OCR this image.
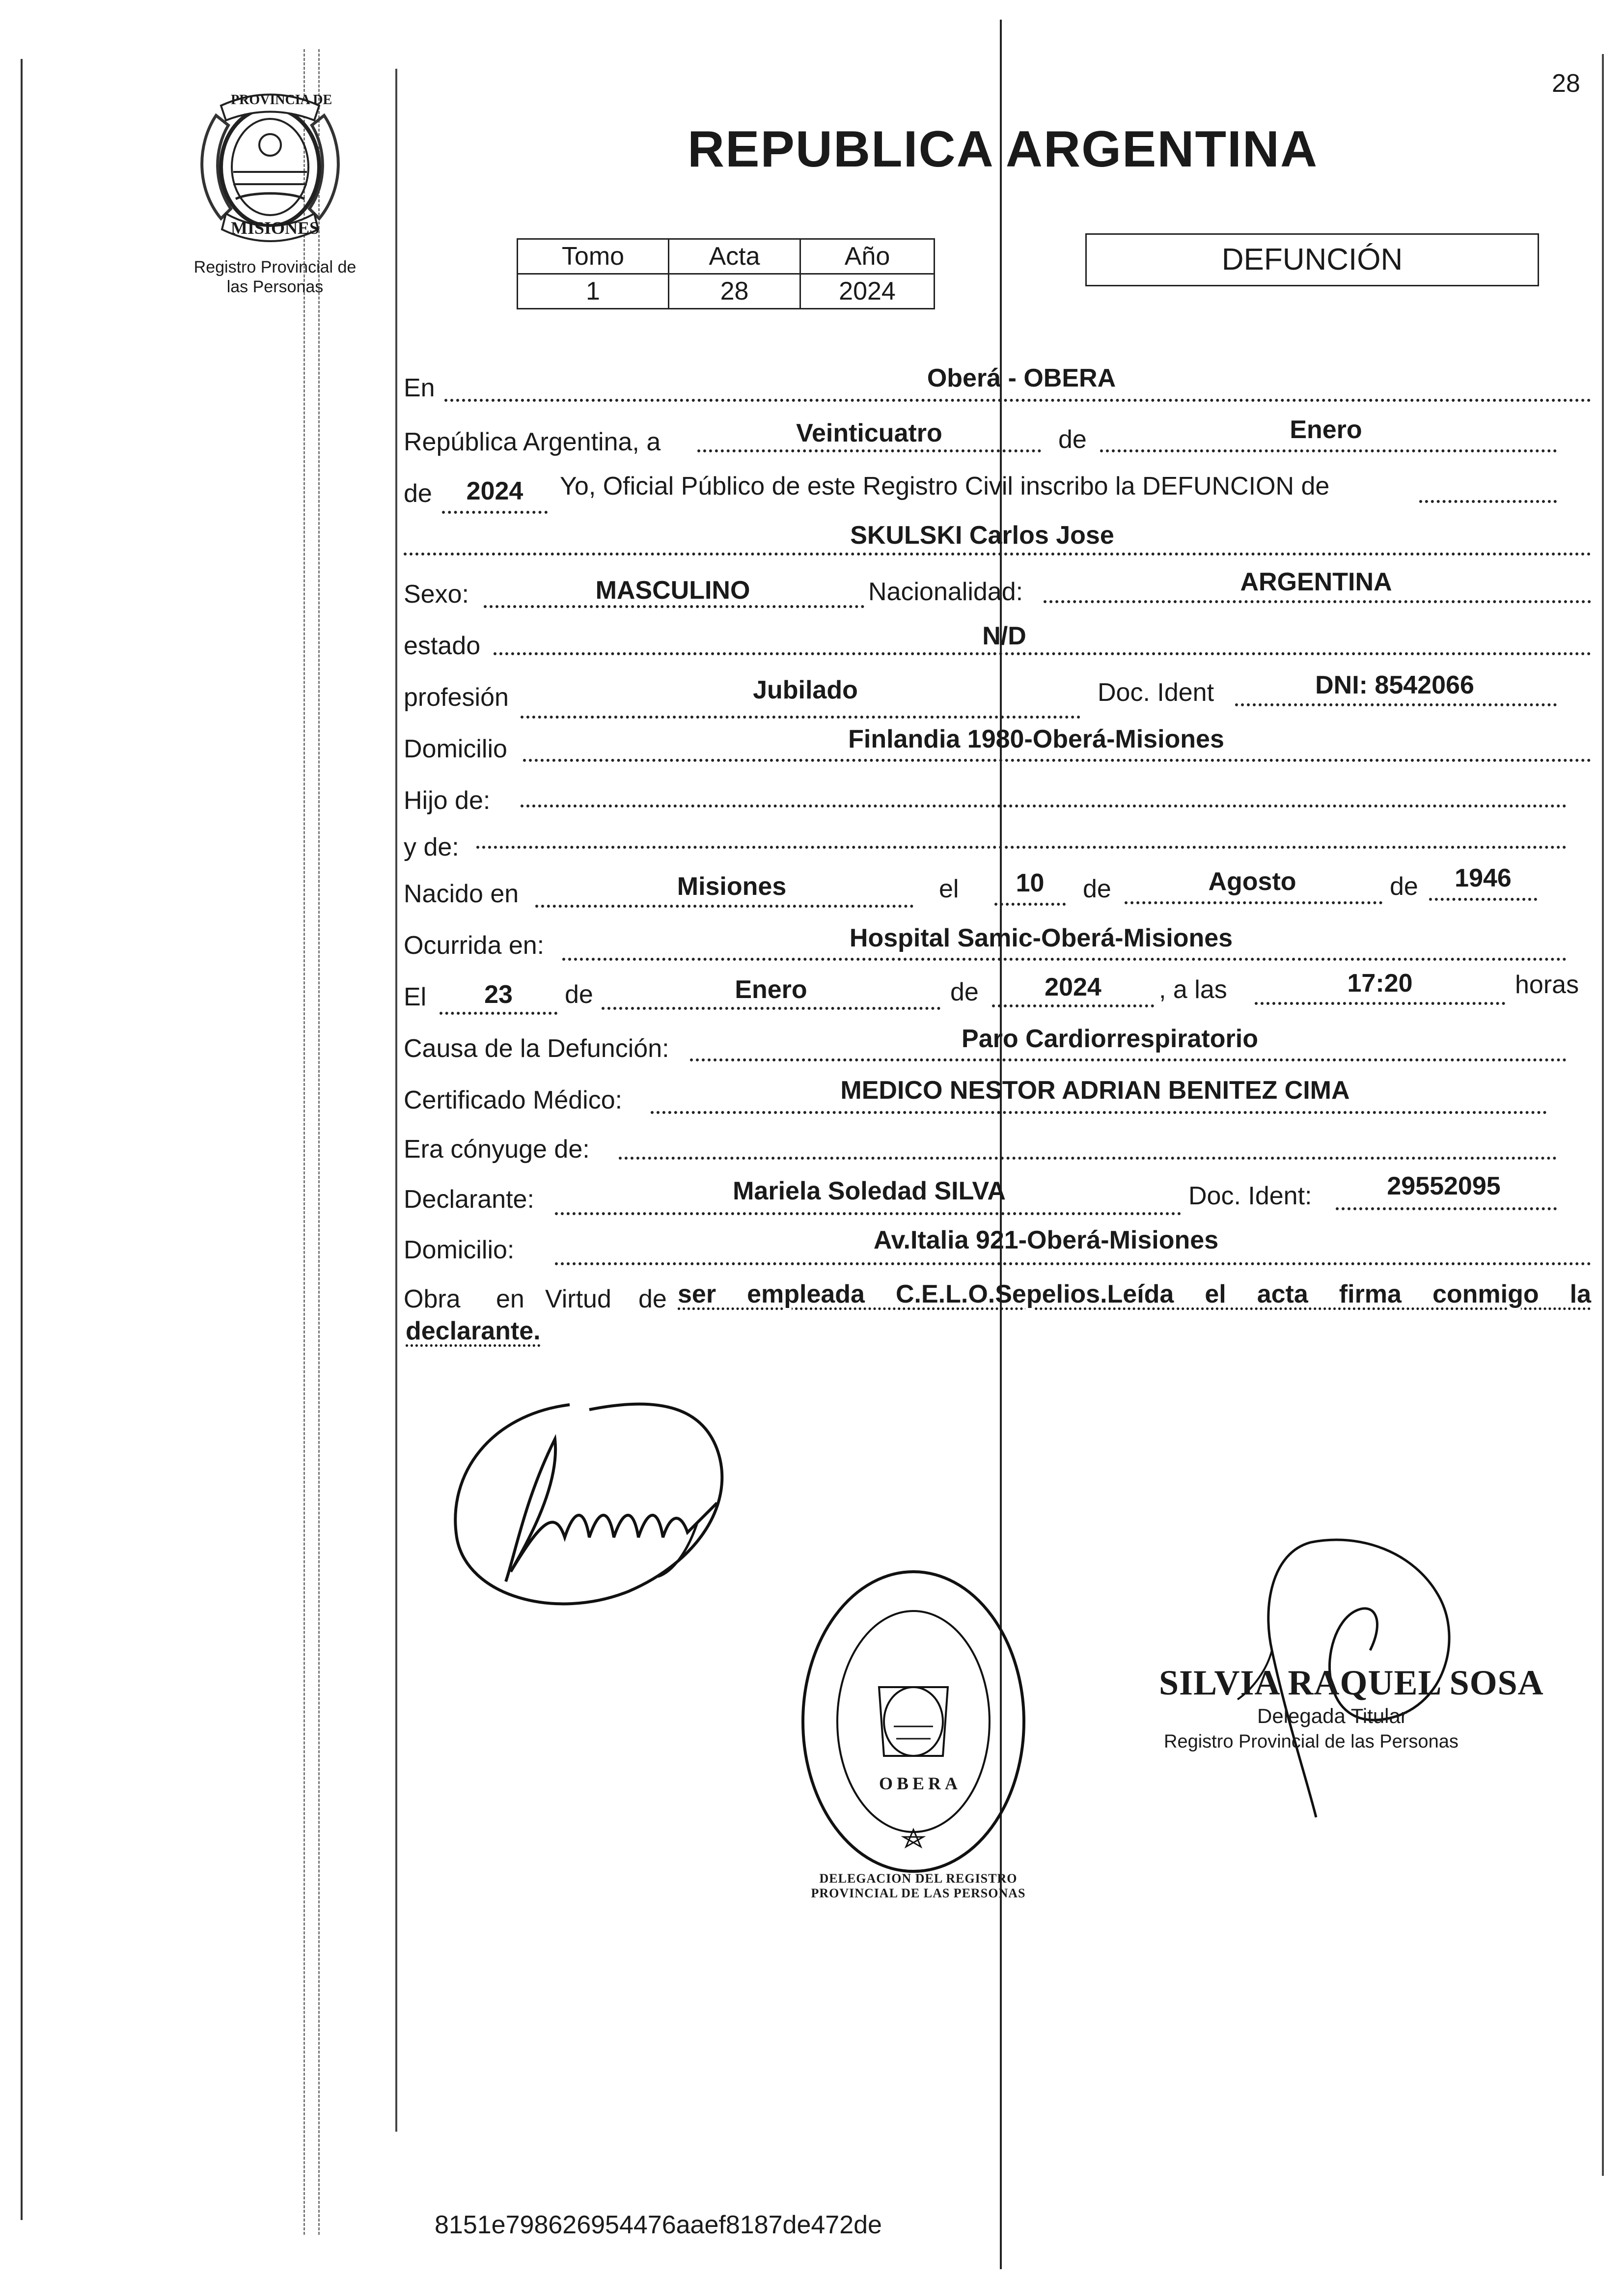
28
PROVINCIA DE
MISIONES
Registro Provincial de
las Personas
REPUBLICA ARGENTINA
Tomo	Acta	Año
1	28	2024
DEFUNCIÓN
En	Oberá - OBERA
República Argentina, a	Veinticuatro	de	Enero
de	2024	Yo, Oficial Público de este Registro Civil inscribo la DEFUNCION de
SKULSKI Carlos Jose
Sexo:	MASCULINO	Nacionalidad:	ARGENTINA
estado	N/D
profesión	Jubilado	Doc. Ident	DNI: 8542066
Domicilio	Finlandia 1980-Oberá-Misiones
Hijo de:
y de:
Nacido en	Misiones	el	10	de	Agosto	de	1946
Ocurrida en:	Hospital Samic-Oberá-Misiones
El	23	de	Enero	de	2024	, a las	17:20	horas
Causa de la Defunción:	Paro Cardiorrespiratorio
Certificado Médico:	MEDICO NESTOR ADRIAN BENITEZ CIMA
Era cónyuge de:
Declarante:	Mariela Soledad SILVA	Doc. Ident:	29552095
Domicilio:	Av.Italia 921-Oberá-Misiones
Obra en Virtud de ser empleada C.E.L.O.Sepelios.Leída el acta firma conmigo la
declarante.
DELEGACION DEL REGISTRO PROVINCIAL DE LAS PERSONAS
OBERA
SILVIA RAQUEL SOSA
Delegada Titular
Registro Provincial de las Personas
8151e798626954476aaef8187de472de
